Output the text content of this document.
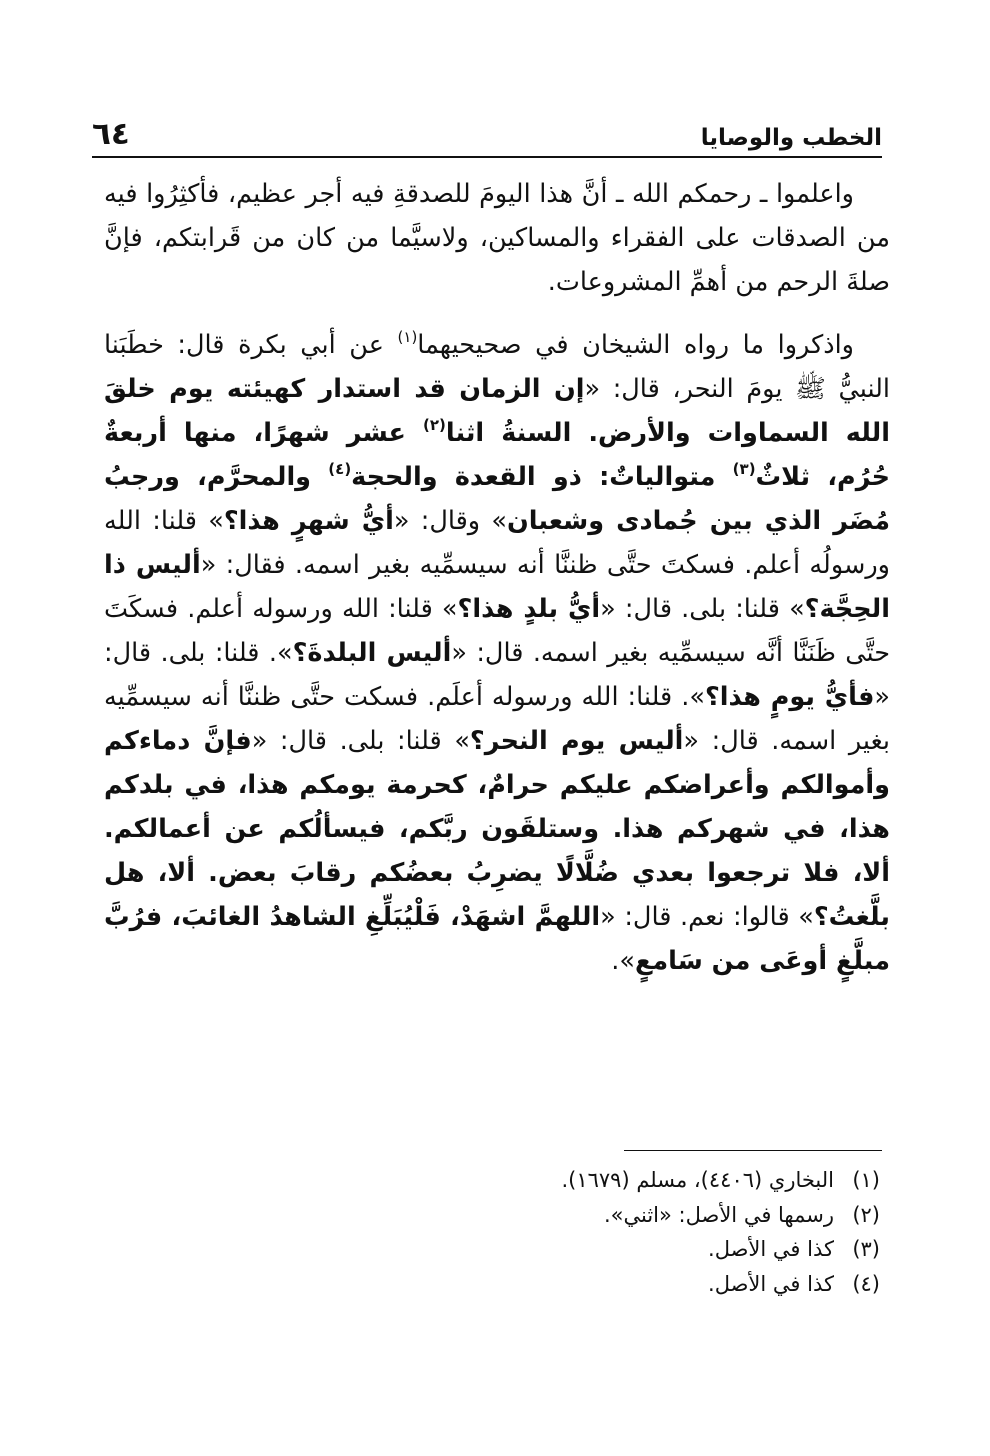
٦٤	الخطب والوصايا

واعلموا ـ رحمكم الله ـ أنَّ هذا اليومَ للصدقةِ فيه أجر عظيم، فأكثِرُوا فيه من الصدقات على الفقراء والمساكين، ولاسيَّما من كان من قَرابتكم، فإنَّ صلةَ الرحم من أهمِّ المشروعات.

واذكروا ما رواه الشيخان في صحيحيهما$^{(١)}$ عن أبي بكرة قال: خطَبَنا النبيُّ ﷺ يومَ النحر، قال: «إن الزمان قد استدار كهيئته يوم خلقَ الله السماوات والأرض. السنةُ اثنا$^{(٢)}$ عشر شهرًا، منها أربعةٌ حُرُم، ثلاثٌ$^{(٣)}$ متوالياتٌ: ذو القعدة والحجة$^{(٤)}$ والمحرَّم، ورجبُ مُضَر الذي بين جُمادى وشعبان» وقال: «أيُّ شهرٍ هذا؟» قلنا: الله ورسولُه أعلم. فسكتَ حتَّى ظننَّا أنه سيسمِّيه بغير اسمه. فقال: «أليس ذا الحِجَّة؟» قلنا: بلى. قال: «أيُّ بلدٍ هذا؟» قلنا: الله ورسوله أعلم. فسكَتَ حتَّى ظَنَنَّا أنَّه سيسمِّيه بغير اسمه. قال: «أليس البلدةَ؟». قلنا: بلى. قال: «فأيُّ يومٍ هذا؟». قلنا: الله ورسوله أعلَم. فسكت حتَّى ظننَّا أنه سيسمِّيه بغير اسمه. قال: «أليس يوم النحر؟» قلنا: بلى. قال: «فإنَّ دماءكم وأموالكم وأعراضكم عليكم حرامٌ، كحرمة يومكم هذا، في بلدكم هذا، في شهركم هذا. وستلقَون ربَّكم، فيسألُكم عن أعمالكم. ألا، فلا ترجعوا بعدي ضُلَّالًا يضرِبُ بعضُكم رقابَ بعض. ألا، هل بلَّغتُ؟» قالوا: نعم. قال: «اللهمَّ اشهَدْ، فَلْيُبَلِّغِ الشاهدُ الغائبَ، فرُبَّ مبلَّغٍ أوعَى من سَامعٍ».

(١)البخاري (٤٤٠٦)، مسلم (١٦٧٩).

(٢)رسمها في الأصل: «اثني».

(٣)كذا في الأصل.

(٤)كذا في الأصل.
